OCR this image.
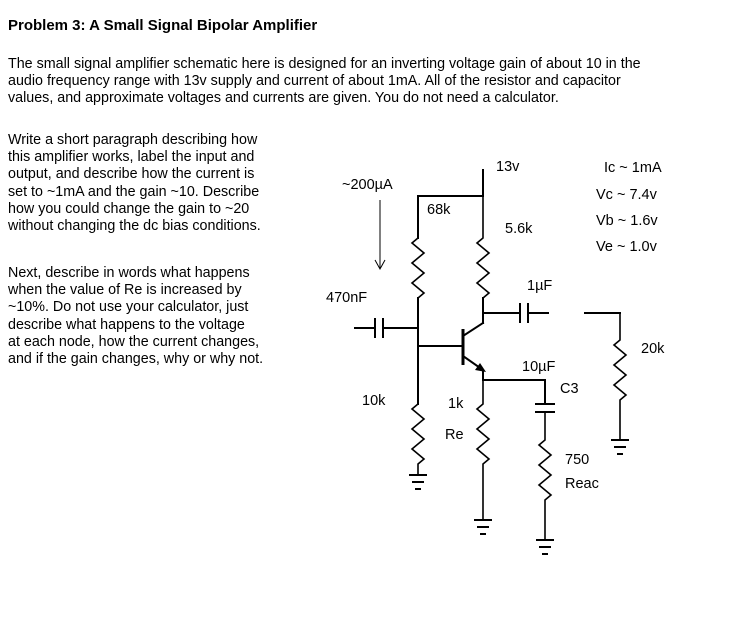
Problem 3: A Small Signal Bipolar Amplifier
The small signal amplifier schematic here is designed for an inverting voltage gain of about 10 in the
audio frequency range with 13v supply and current of about 1mA. All of the resistor and capacitor
values, and approximate voltages and currents are given. You do not need a calculator.
Write a short paragraph describing how
this amplifier works, label the input and
output, and describe how the current is
set to ~1mA and the gain ~10. Describe
how you could change the gain to ~20
without changing the dc bias conditions.
Next, describe in words what happens
when the value of Re is increased by
~10%. Do not use your calculator, just
describe what happens to the voltage
at each node, how the current changes,
and if the gain changes, why or why not.
13v
~200µA
68k
5.6k
470nF
1µF
10µF
C3
10k	1k
Re
750
Reac
20k
Ic ~ 1mA
Vc ~ 7.4v
Vb ~ 1.6v
Ve ~ 1.0v
